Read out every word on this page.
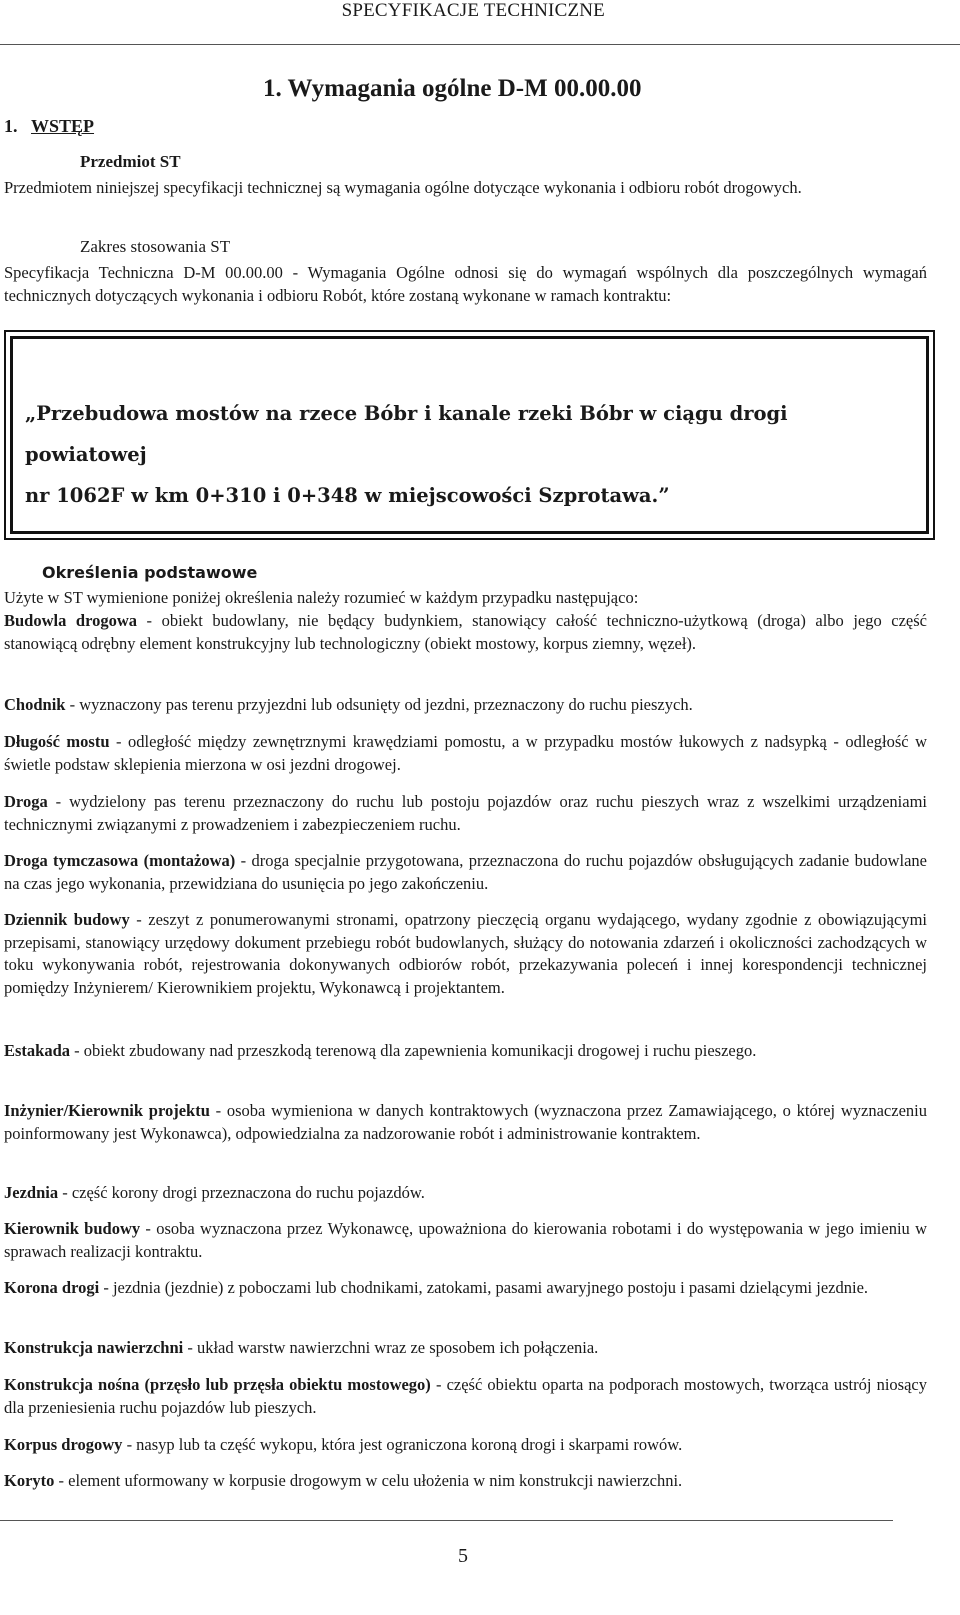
SPECYFIKACJE TECHNICZNE
1. Wymagania ogólne D-M 00.00.00
1. WSTĘP
Przedmiot ST
Przedmiotem niniejszej specyfikacji technicznej są wymagania ogólne dotyczące wykonania i odbioru robót drogowych.
Zakres stosowania ST
Specyfikacja Techniczna D-M 00.00.00 - Wymagania Ogólne odnosi się do wymagań wspólnych dla poszczególnych wymagań technicznych dotyczących wykonania i odbioru Robót, które zostaną wykonane w ramach kontraktu:
„Przebudowa mostów na rzece Bóbr i kanale rzeki Bóbr w ciągu drogi powiatowej
nr 1062F w km 0+310 i 0+348 w miejscowości Szprotawa.”
Określenia podstawowe
Użyte w ST wymienione poniżej określenia należy rozumieć w każdym przypadku następująco:
Budowla drogowa - obiekt budowlany, nie będący budynkiem, stanowiący całość techniczno-użytkową (droga) albo jego część stanowiącą odrębny element konstrukcyjny lub technologiczny (obiekt mostowy, korpus ziemny, węzeł).
Chodnik - wyznaczony pas terenu przyjezdni lub odsunięty od jezdni, przeznaczony do ruchu pieszych.
Długość mostu - odległość między zewnętrznymi krawędziami pomostu, a w przypadku mostów łukowych z nadsypką - odległość w świetle podstaw sklepienia mierzona w osi jezdni drogowej.
Droga - wydzielony pas terenu przeznaczony do ruchu lub postoju pojazdów oraz ruchu pieszych wraz z wszelkimi urządzeniami technicznymi związanymi z prowadzeniem i zabezpieczeniem ruchu.
Droga tymczasowa (montażowa) - droga specjalnie przygotowana, przeznaczona do ruchu pojazdów obsługujących zadanie budowlane na czas jego wykonania, przewidziana do usunięcia po jego zakończeniu.
Dziennik budowy - zeszyt z ponumerowanymi stronami, opatrzony pieczęcią organu wydającego, wydany zgodnie z obowiązującymi przepisami, stanowiący urzędowy dokument przebiegu robót budowlanych, służący do notowania zdarzeń i okoliczności zachodzących w toku wykonywania robót, rejestrowania dokonywanych odbiorów robót, przekazywania poleceń i innej korespondencji technicznej pomiędzy Inżynierem/ Kierownikiem projektu, Wykonawcą i projektantem.
Estakada - obiekt zbudowany nad przeszkodą terenową dla zapewnienia komunikacji drogowej i ruchu pieszego.
Inżynier/Kierownik projektu - osoba wymieniona w danych kontraktowych (wyznaczona przez Zamawiającego, o której wyznaczeniu poinformowany jest Wykonawca), odpowiedzialna za nadzorowanie robót i administrowanie kontraktem.
Jezdnia - część korony drogi przeznaczona do ruchu pojazdów.
Kierownik budowy - osoba wyznaczona przez Wykonawcę, upoważniona do kierowania robotami i do występowania w jego imieniu w sprawach realizacji kontraktu.
Korona drogi - jezdnia (jezdnie) z poboczami lub chodnikami, zatokami, pasami awaryjnego postoju i pasami dzielącymi jezdnie.
Konstrukcja nawierzchni - układ warstw nawierzchni wraz ze sposobem ich połączenia.
Konstrukcja nośna (przęsło lub przęsła obiektu mostowego) - część obiektu oparta na podporach mostowych, tworząca ustrój niosący dla przeniesienia ruchu pojazdów lub pieszych.
Korpus drogowy - nasyp lub ta część wykopu, która jest ograniczona koroną drogi i skarpami rowów.
Koryto - element uformowany w korpusie drogowym w celu ułożenia w nim konstrukcji nawierzchni.
5
